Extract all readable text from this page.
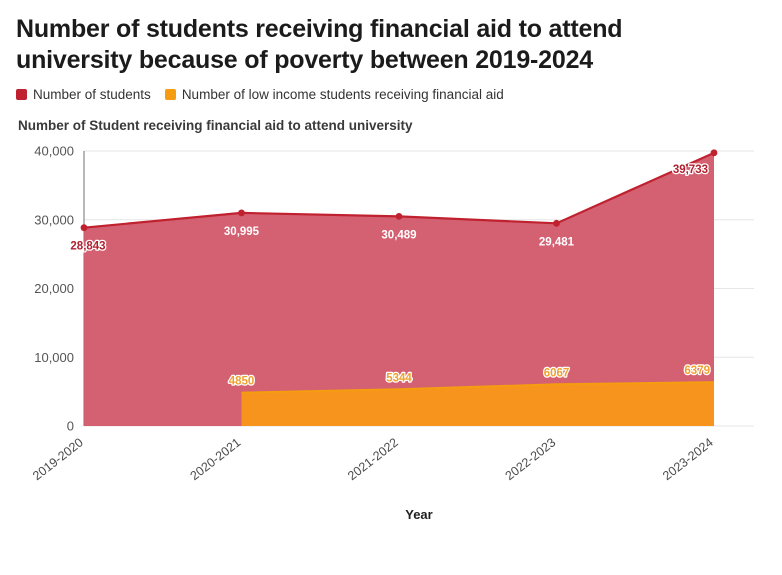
Number of students receiving financial aid to attend university because of poverty between 2019-2024
Number of students Number of low income students receiving financial aid
Number of Student receiving financial aid to attend university
0
10,000
20,000
30,000
40,000
28,843
30,995	30,489
29,481
39,733
4850	5344	6067	6379
2019-2020	2020-2021	2021-2022	2022-2023	2023-2024
Year
